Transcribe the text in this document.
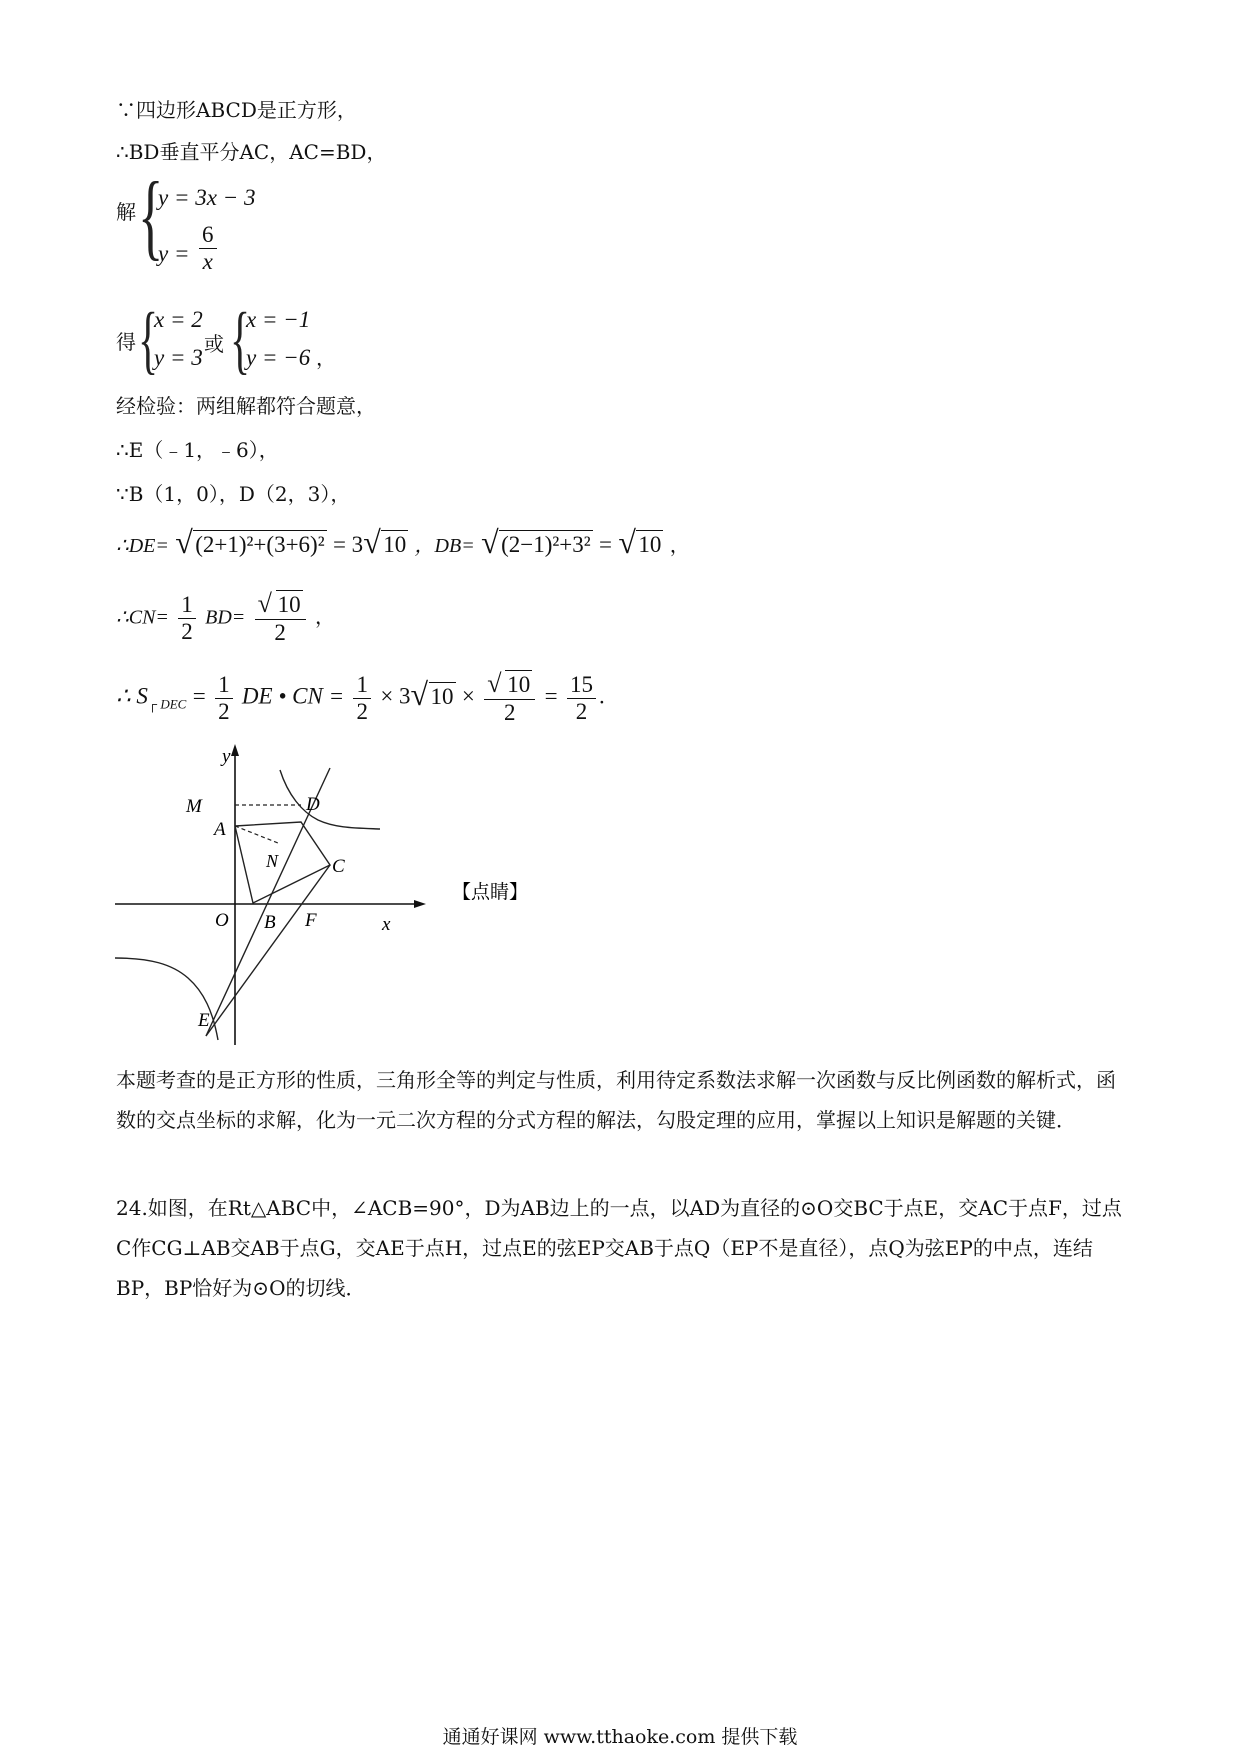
∵四边形ABCD是正方形，
∴BD垂直平分AC，AC=BD，
解 {
y = 3x − 3
$y = \frac{6}{x}$
得 {
x = 2
y = 3
或 {
x = −1
y = −6 ，
经检验：两组解都符合题意，
∴E（﹣1，﹣6），
∵B（1，0），D（2，3），
∴DE= √ (2+1)²+(3+6)² = 3 √ 10 ，DB= √ (2−1)²+3² = √ 10 ，
∴CN= $\frac{1}{2} BD= \frac{√ 10}{2}$ ，
∴ $S_{┌ DEC} = \frac{1}{2}$ DE • CN = $\frac{1}{2} \times 3$ √ $10 \times \frac{√ 10}{2} = \frac{15}{2}$ .
y
x
M	D
A
N	C
O B F
E
【点睛】
本题考查的是正方形的性质，三角形全等的判定与性质，利用待定系数法求解一次函数与反比例函数的解析式，函数的交点坐标的求解，化为一元二次方程的分式方程的解法，勾股定理的应用，掌握以上知识是解题的关键．
24.如图，在Rt△ABC中，∠ACB=90°，D为AB边上的一点，以AD为直径的⊙O交BC于点E，交AC于点F，过点C作CG⊥AB交AB于点G，交AE于点H，过点E的弦EP交AB于点Q（EP不是直径），点Q为弦EP的中点，连结BP，BP恰好为⊙O的切线．
通通好课网 www.tthaoke.com 提供下载
